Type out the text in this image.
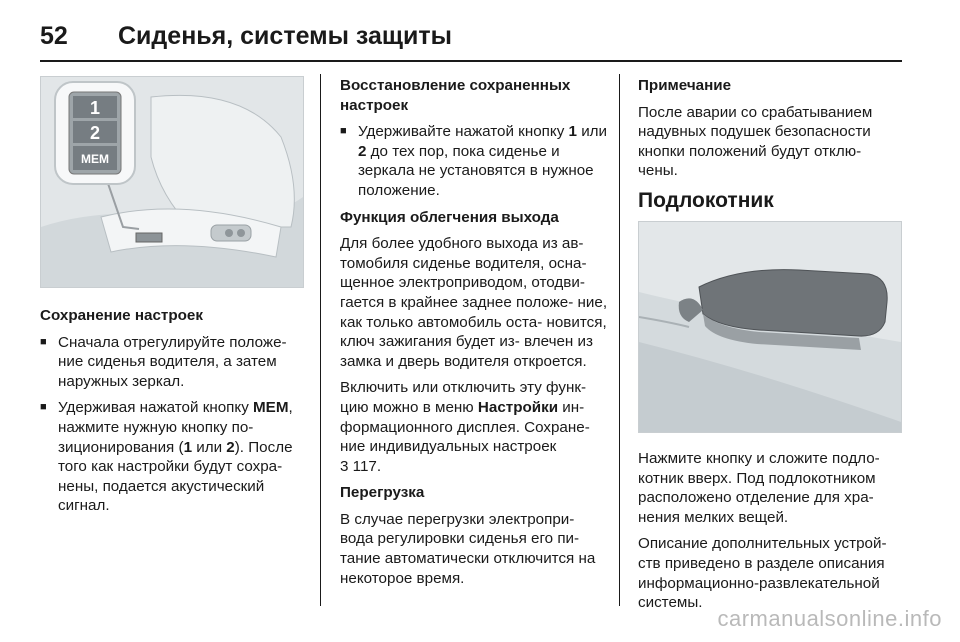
52	Сиденья, системы защиты
1
2
MEM

Сохранение настроек

■ Сначала отрегулируйте положе- ние сиденья водителя, а затем наружных зеркал.
■ Удерживая нажатой кнопку MEM, нажмите нужную кнопку по- зиционирования (1 или 2). После того как настройки будут сохра- нены, подается акустический сигнал.

Восстановление сохраненных настроек

■ Удерживайте нажатой кнопку 1 или 2 до тех пор, пока сиденье и зеркала не установятся в нужное положение.

Функция облегчения выхода

Для более удобного выхода из ав- томобиля сиденье водителя, осна- щенное электроприводом, отодви- гается в крайнее заднее положе- ние, как только автомобиль оста- новится, ключ зажигания будет из- влечен из замка и дверь водителя откроется.

Включить или отключить эту функ- цию можно в меню Настройки ин- формационного дисплея. Сохране- ние индивидуальных настроек
3 117.

Перегрузка

В случае перегрузки электропри- вода регулировки сиденья его пи- тание автоматически отключится на некоторое время.

Примечание

После аварии со срабатыванием надувных подушек безопасности кнопки положений будут отклю- чены.

Подлокотник

Нажмите кнопку и сложите подло- котник вверх. Под подлокотником расположено отделение для хра- нения мелких вещей.

Описание дополнительных устрой- ств приведено в разделе описания информационно-развлекательной системы.

carmanualsonline.info
